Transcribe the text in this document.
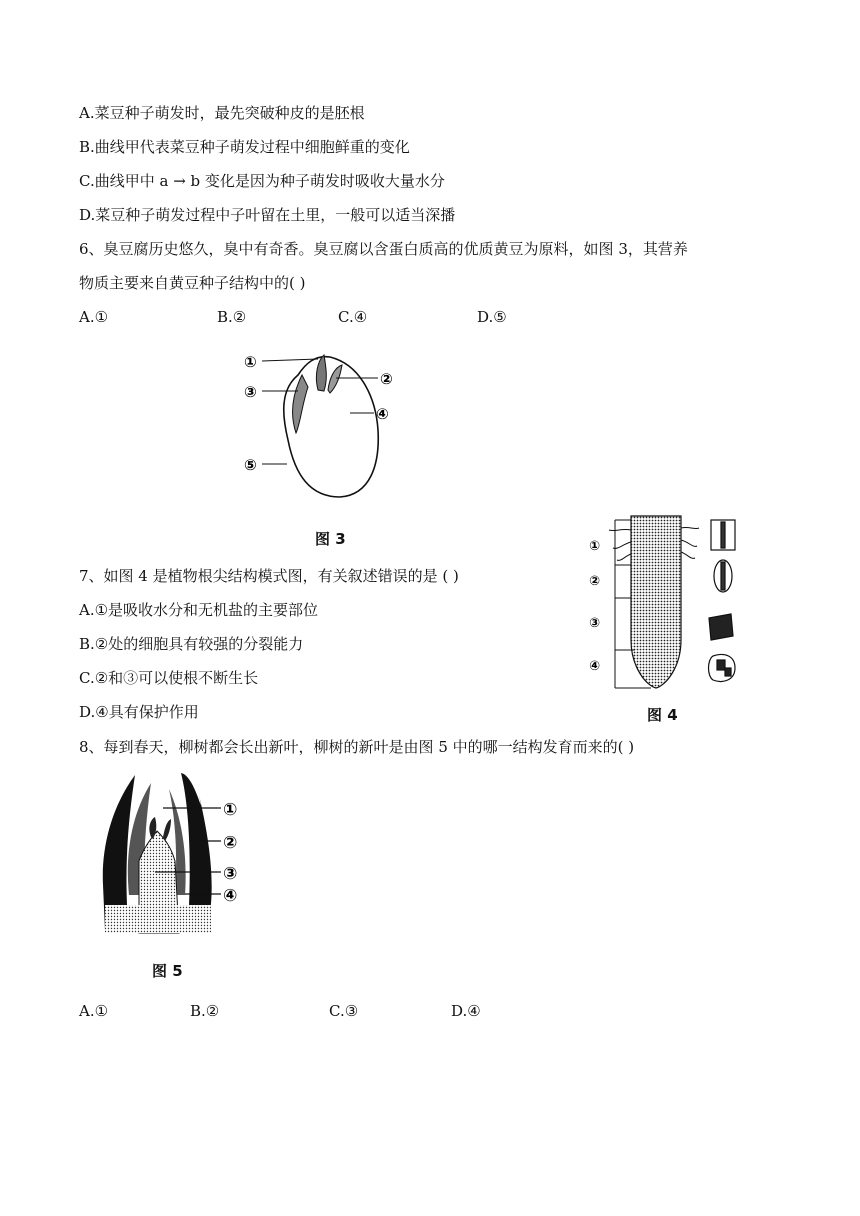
A.菜豆种子萌发时，最先突破种皮的是胚根
B.曲线甲代表菜豆种子萌发过程中细胞鲜重的变化
C.曲线甲中 a → b 变化是因为种子萌发时吸收大量水分
D.菜豆种子萌发过程中子叶留在土里，一般可以适当深播
6、臭豆腐历史悠久，臭中有奇香。臭豆腐以含蛋白质高的优质黄豆为原料，如图 3，其营养
物质主要来自黄豆种子结构中的( )
A.①	B.②	C.④	D.⑤
①
③
⑤
②
④
图 3
7、如图 4 是植物根尖结构模式图，有关叙述错误的是 ( )
A.①是吸收水分和无机盐的主要部位
B.②处的细胞具有较强的分裂能力
C.②和③可以使根不断生长
D.④具有保护作用
①
②
③
④
图 4
8、每到春天，柳树都会长出新叶，柳树的新叶是由图 5 中的哪一结构发育而来的( )
①
②
③
④
图 5
A.①	B.②	C.③	D.④
